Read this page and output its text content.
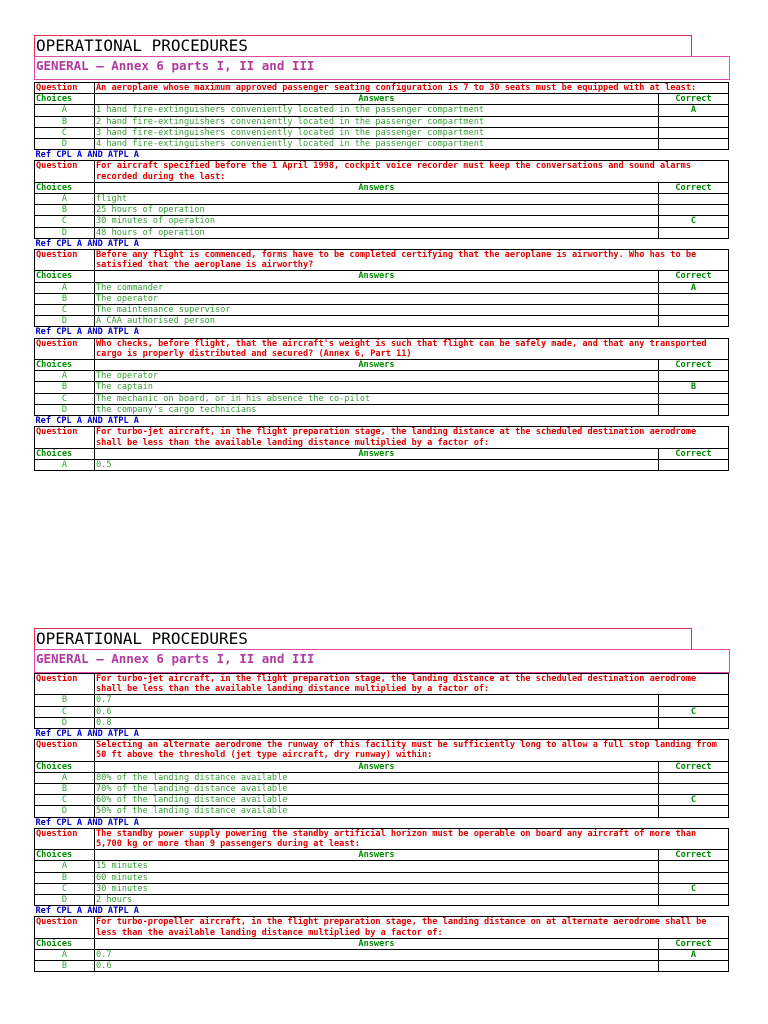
OPERATIONAL PROCEDURES
GENERAL – Annex 6 parts I, II and III
Question	An aeroplane whose maximum approved passenger seating configuration is 7 to 30 seats must be equipped with at least:	
Choices	Answers	Correct
A	1 hand fire-extinguishers conveniently located in the passenger compartment	A
B	2 hand fire-extinguishers conveniently located in the passenger compartment	
C	3 hand fire-extinguishers conveniently located in the passenger compartment	
D	4 hand fire-extinguishers conveniently located in the passenger compartment	
Ref CPL A AND ATPL A		
Question	For aircraft specified before the 1 April 1998, cockpit voice recorder must keep the conversations and sound alarms recorded during the last:	
Choices	Answers	Correct
A	flight	
B	25 hours of operation	
C	30 minutes of operation	C
D	48 hours of operation	
Ref CPL A AND ATPL A		
Question	Before any flight is commenced, forms have to be completed certifying that the aeroplane is airworthy. Who has to be satisfied that the aeroplane is airworthy?	
Choices	Answers	Correct
A	The commander	A
B	The operator	
C	The maintenance supervisor	
D	A CAA authorised person	
Ref CPL A AND ATPL A		
Question	Who checks, before flight, that the aircraft's weight is such that flight can be safely made, and that any transported cargo is properly distributed and secured? (Annex 6, Part 11)	
Choices	Answers	Correct
A	The operator	
B	The captain	B
C	The mechanic on board, or in his absence the co-pilot	
D	the company's cargo technicians	
Ref CPL A AND ATPL A		
Question	For turbo-jet aircraft, in the flight preparation stage, the landing distance at the scheduled destination aerodrome shall be less than the available landing distance multiplied by a factor of:	
Choices	Answers	Correct
A	0.5	
OPERATIONAL PROCEDURES
GENERAL – Annex 6 parts I, II and III
Question	For turbo-jet aircraft, in the flight preparation stage, the landing distance at the scheduled destination aerodrome shall be less than the available landing distance multiplied by a factor of:	
B	0.7	
C	0.6	C
D	0.8	
Ref CPL A AND ATPL A		
Question	Selecting an alternate aerodrome the runway of this facility must be sufficiently long to allow a full stop landing from 50 ft above the threshold (jet type aircraft, dry runway) within:	
Choices	Answers	Correct
A	80% of the landing distance available	
B	70% of the landing distance available	
C	60% of the landing distance available	C
D	50% of the landing distance available	
Ref CPL A AND ATPL A		
Question	The standby power supply powering the standby artificial horizon must be operable on board any aircraft of more than 5,700 kg or more than 9 passengers during at least:	
Choices	Answers	Correct
A	15 minutes	
B	60 minutes	
C	30 minutes	C
D	2 hours	
Ref CPL A AND ATPL A		
Question	For turbo-propeller aircraft, in the flight preparation stage, the landing distance on at alternate aerodrome shall be less than the available landing distance multiplied by a factor of:	
Choices	Answers	Correct
A	0.7	A
B	0.6	
